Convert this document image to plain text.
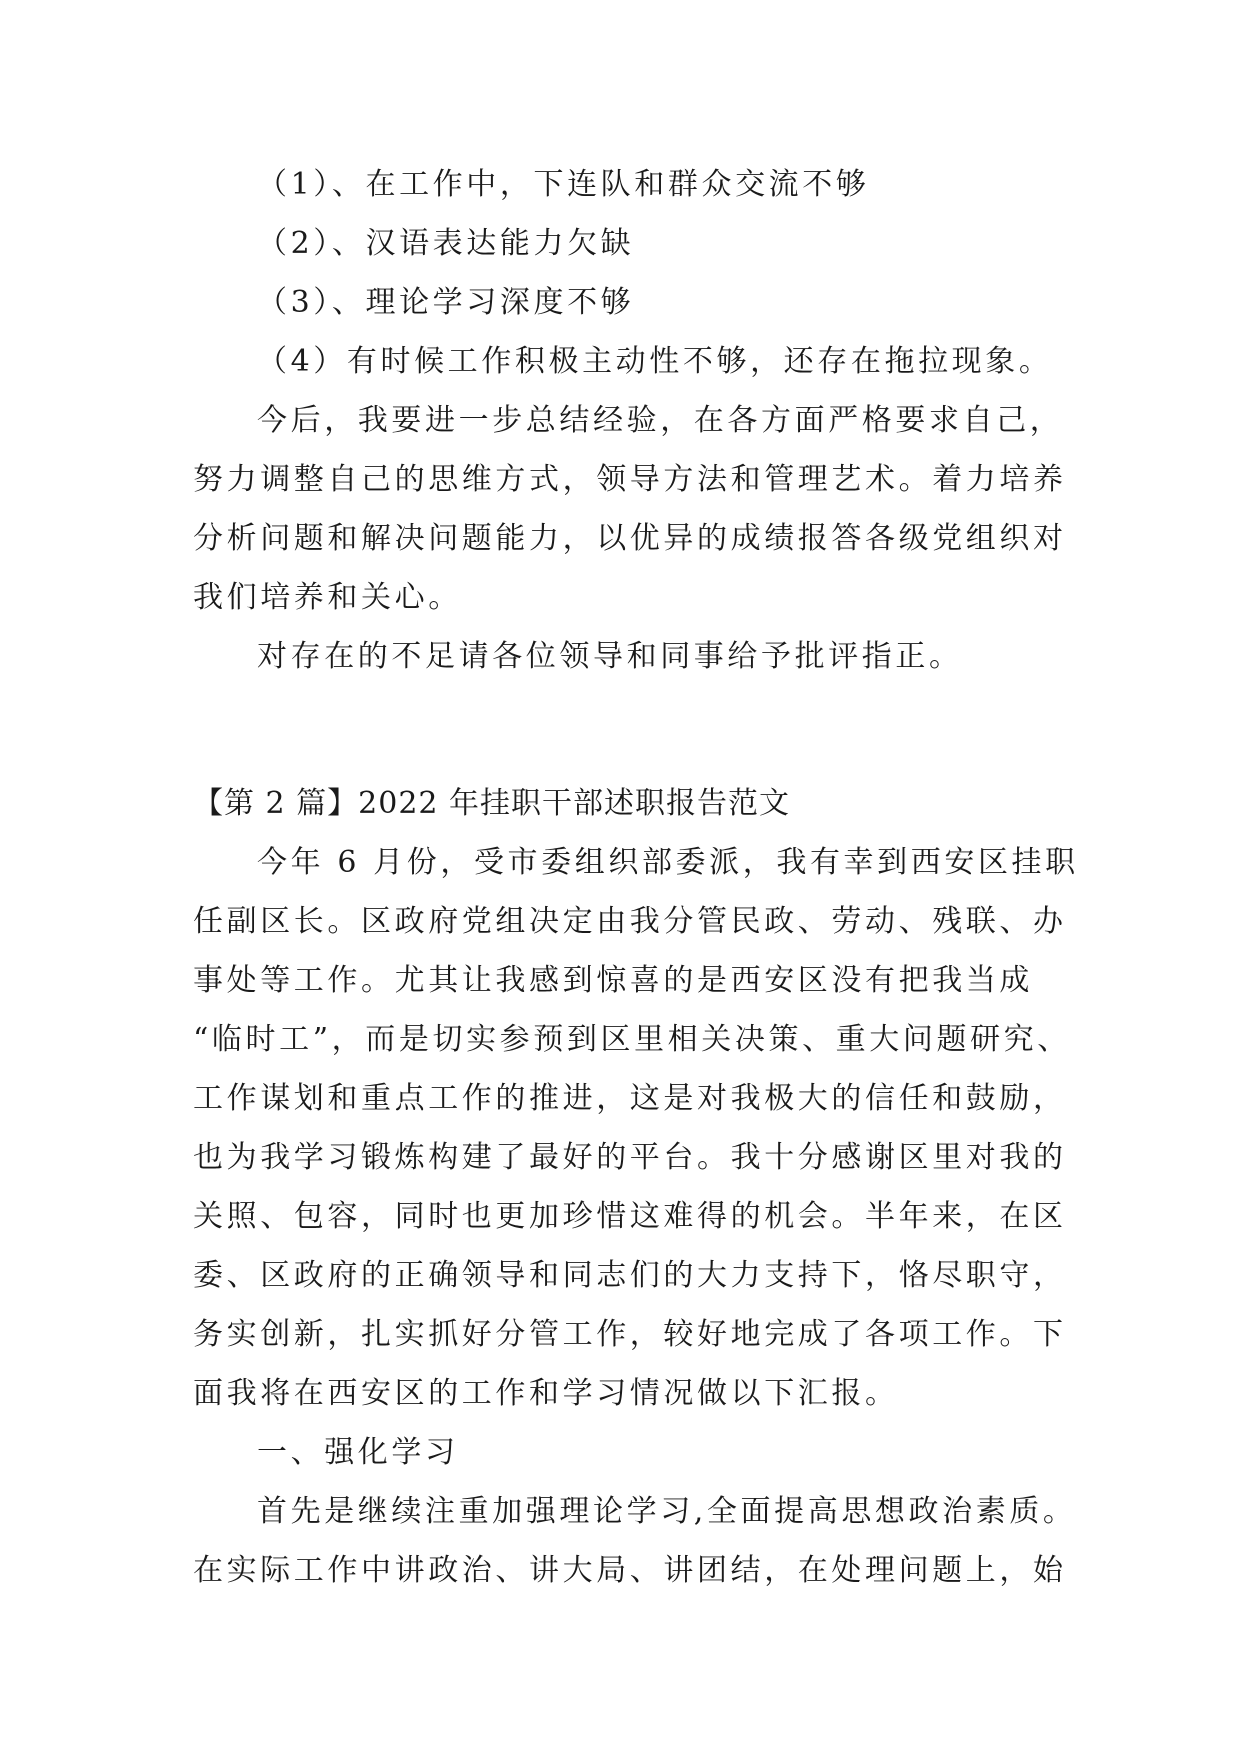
（1）、在工作中，下连队和群众交流不够
（2）、汉语表达能力欠缺
（3）、理论学习深度不够
（4）有时候工作积极主动性不够，还存在拖拉现象。
今后，我要进一步总结经验，在各方面严格要求自己，
努力调整自己的思维方式，领导方法和管理艺术。着力培养
分析问题和解决问题能力，以优异的成绩报答各级党组织对
我们培养和关心。
对存在的不足请各位领导和同事给予批评指正。
【第 2 篇】2022 年挂职干部述职报告范文
今年 6 月份，受市委组织部委派，我有幸到西安区挂职
任副区长。区政府党组决定由我分管民政、劳动、残联、办
事处等工作。尤其让我感到惊喜的是西安区没有把我当成
“临时工”，而是切实参预到区里相关决策、重大问题研究、
工作谋划和重点工作的推进，这是对我极大的信任和鼓励，
也为我学习锻炼构建了最好的平台。我十分感谢区里对我的
关照、包容，同时也更加珍惜这难得的机会。半年来，在区
委、区政府的正确领导和同志们的大力支持下，恪尽职守，
务实创新，扎实抓好分管工作，较好地完成了各项工作。下
面我将在西安区的工作和学习情况做以下汇报。
一、强化学习
首先是继续注重加强理论学习,全面提高思想政治素质。
在实际工作中讲政治、讲大局、讲团结，在处理问题上，始
